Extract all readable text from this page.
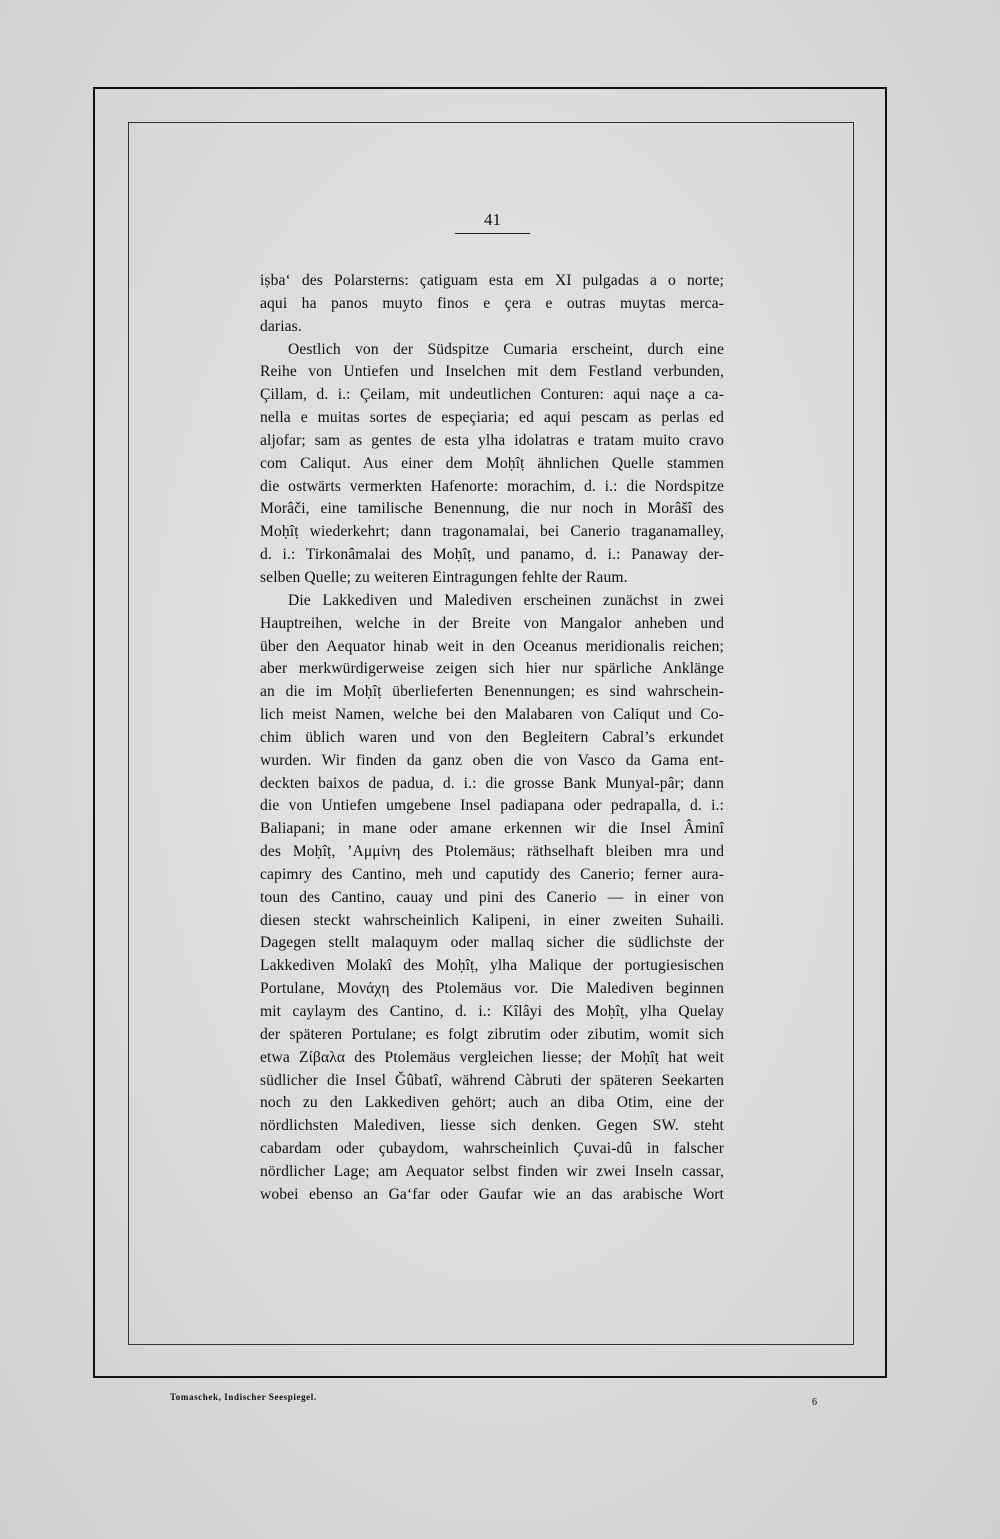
41
iṣba‘ des Polarsterns: çatiguam esta em XI pulgadas a o norte;
aqui ha panos muyto finos e çera e outras muytas merca-
darias.
Oestlich von der Südspitze Cumaria erscheint, durch eine
Reihe von Untiefen und Inselchen mit dem Festland verbunden,
Çillam, d. i.: Çeilam, mit undeutlichen Conturen: aqui naçe a ca-
nella e muitas sortes de espeçiaria; ed aqui pescam as perlas ed
aljofar; sam as gentes de esta ylha idolatras e tratam muito cravo
com Caliqut. Aus einer dem Moḥîṭ ähnlichen Quelle stammen
die ostwärts vermerkten Hafenorte: morachim, d. i.: die Nordspitze
Morâči, eine tamilische Benennung, die nur noch in Morâšî des
Moḥîṭ wiederkehrt; dann tragonamalai, bei Canerio traganamalley,
d. i.: Tirkonâmalai des Moḥîṭ, und panamo, d. i.: Panaway der-
selben Quelle; zu weiteren Eintragungen fehlte der Raum.
Die Lakkediven und Malediven erscheinen zunächst in zwei
Hauptreihen, welche in der Breite von Mangalor anheben und
über den Aequator hinab weit in den Oceanus meridionalis reichen;
aber merkwürdigerweise zeigen sich hier nur spärliche Anklänge
an die im Moḥîṭ überlieferten Benennungen; es sind wahrschein-
lich meist Namen, welche bei den Malabaren von Caliqut und Co-
chim üblich waren und von den Begleitern Cabral’s erkundet
wurden. Wir finden da ganz oben die von Vasco da Gama ent-
deckten baixos de padua, d. i.: die grosse Bank Munyal-pâr; dann
die von Untiefen umgebene Insel padiapana oder pedrapalla, d. i.:
Baliapani; in mane oder amane erkennen wir die Insel Âminî
des Moḥîṭ, ’Αμμίνη des Ptolemäus; räthselhaft bleiben mra und
capimry des Cantino, meh und caputidy des Canerio; ferner aura-
toun des Cantino, cauay und pini des Canerio — in einer von
diesen steckt wahrscheinlich Kalipeni, in einer zweiten Suhaili.
Dagegen stellt malaquym oder mallaq sicher die südlichste der
Lakkediven Molakî des Moḥîṭ, ylha Malique der portugiesischen
Portulane, Μονάχη des Ptolemäus vor. Die Malediven beginnen
mit caylaym des Cantino, d. i.: Kîlâyi des Moḥîṭ, ylha Quelay
der späteren Portulane; es folgt zibrutim oder zibutim, womit sich
etwa Ζίβαλα des Ptolemäus vergleichen liesse; der Moḥîṭ hat weit
südlicher die Insel Ğûbatî, während Càbruti der späteren Seekarten
noch zu den Lakkediven gehört; auch an diba Otim, eine der
nördlichsten Malediven, liesse sich denken. Gegen SW. steht
cabardam oder çubaydom, wahrscheinlich Çuvai-dû in falscher
nördlicher Lage; am Aequator selbst finden wir zwei Inseln cassar,
wobei ebenso an Ga‘far oder Gaufar wie an das arabische Wort
Tomaschek, Indischer Seespiegel.	6
